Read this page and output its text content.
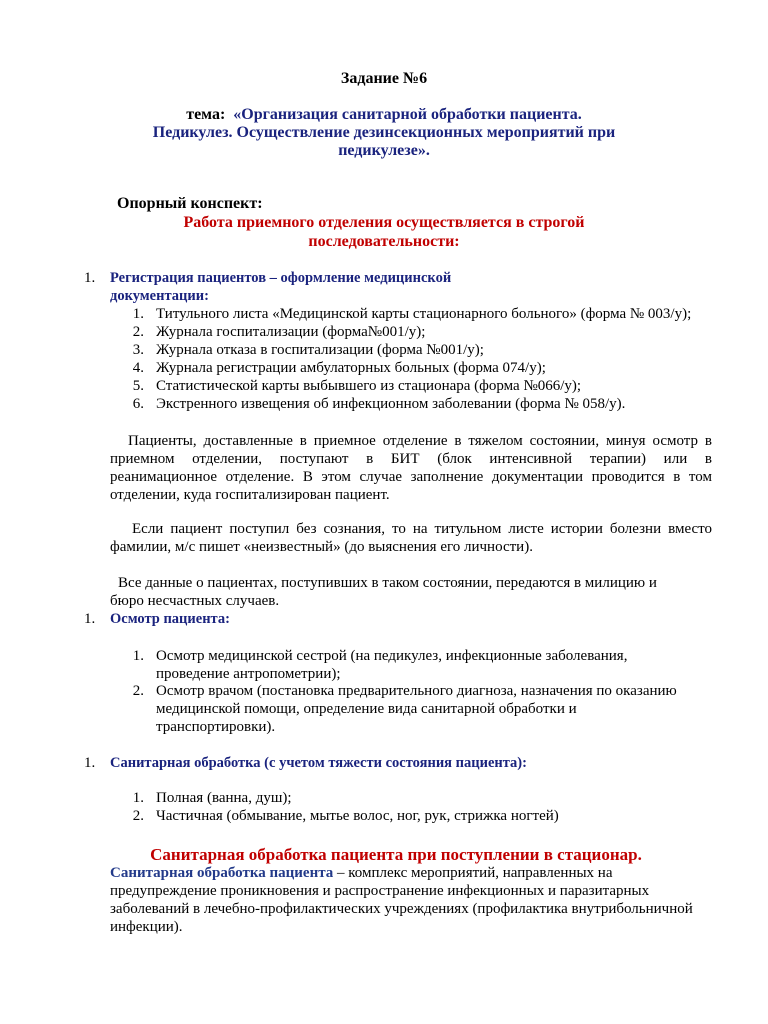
Задание №6
тема: «Организация санитарной обработки пациента.
Педикулез. Осуществление дезинсекционных мероприятий при
педикулезе».
Опорный конспект:
Работа приемного отделения осуществляется в строгой
последовательности:
1. Регистрация пациентов – оформление медицинской
документации:
1. Титульного листа «Медицинской карты стационарного больного» (форма № 003/у);
2. Журнала госпитализации (форма№001/у);
3. Журнала отказа в госпитализации (форма №001/у);
4. Журнала регистрации амбулаторных больных (форма 074/у);
5. Статистической карты выбывшего из стационара (форма №066/у);
6. Экстренного извещения об инфекционном заболевании (форма № 058/у).
Пациенты, доставленные в приемное отделение в тяжелом состоянии, минуя осмотр в
приемном отделении, поступают в БИТ (блок интенсивной терапии) или в
реанимационное отделение. В этом случае заполнение документации проводится в том
отделении, куда госпитализирован пациент.
Если пациент поступил без сознания, то на титульном листе истории болезни вместо
фамилии, м/с пишет «неизвестный» (до выяснения его личности).
Все данные о пациентах, поступивших в таком состоянии, передаются в милицию и
бюро несчастных случаев.
1. Осмотр пациента:
1. Осмотр медицинской сестрой (на педикулез, инфекционные заболевания,
проведение антропометрии);
2. Осмотр врачом (постановка предварительного диагноза, назначения по оказанию
медицинской помощи, определение вида санитарной обработки и
транспортировки).
1. Санитарная обработка (с учетом тяжести состояния пациента):
1. Полная (ванна, душ);
2. Частичная (обмывание, мытье волос, ног, рук, стрижка ногтей)
Санитарная обработка пациента при поступлении в стационар.
Санитарная обработка пациента – комплекс мероприятий, направленных на
предупреждение проникновения и распространение инфекционных и паразитарных
заболеваний в лечебно-профилактических учреждениях (профилактика внутрибольничной
инфекции).
